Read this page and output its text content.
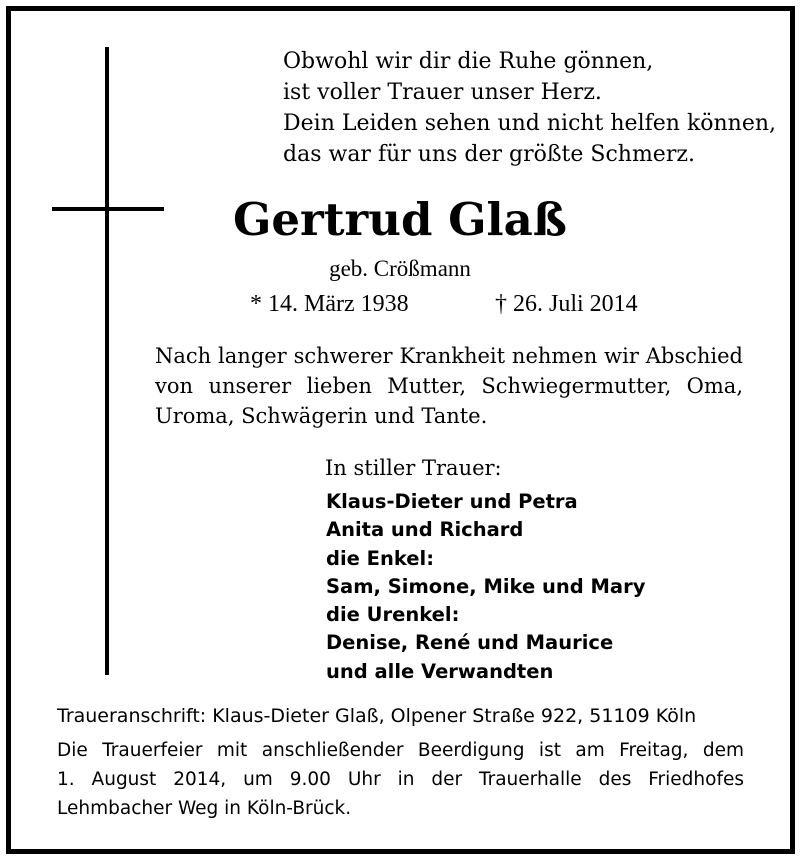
Obwohl wir dir die Ruhe gönnen,
ist voller Trauer unser Herz.
Dein Leiden sehen und nicht helfen können,
das war für uns der größte Schmerz.
Gertrud Glaß
geb. Crößmann
* 14. März 1938	† 26. Juli 2014
Nach langer schwerer Krankheit nehmen wir Abschied
von unserer lieben Mutter, Schwiegermutter, Oma,
Uroma, Schwägerin und Tante.
In stiller Trauer:
Klaus-Dieter und Petra
Anita und Richard
die Enkel:
Sam, Simone, Mike und Mary
die Urenkel:
Denise, René und Maurice
und alle Verwandten
Traueranschrift: Klaus-Dieter Glaß, Olpener Straße 922, 51109 Köln
Die Trauerfeier mit anschließender Beerdigung ist am Freitag, dem
1. August 2014, um 9.00 Uhr in der Trauerhalle des Friedhofes
Lehmbacher Weg in Köln-Brück.
